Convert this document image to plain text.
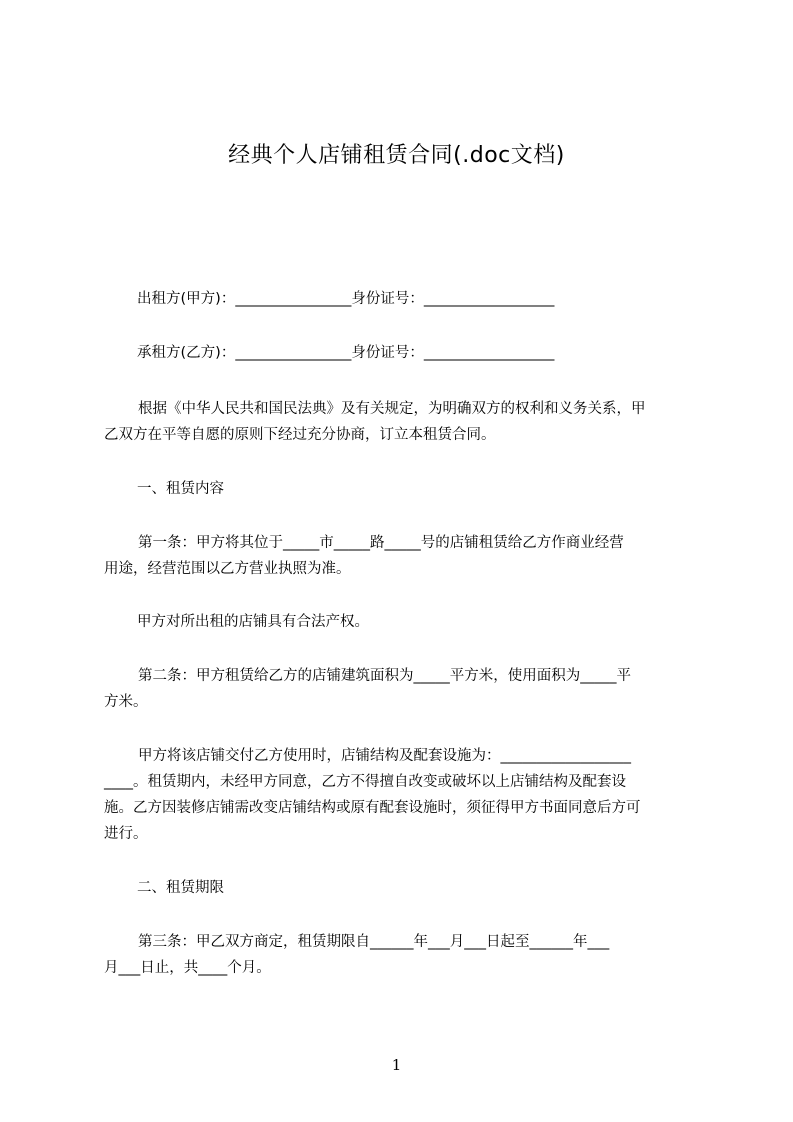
经典个人店铺租赁合同(.doc文档)
出租方(甲方)：________________身份证号：__________________
承租方(乙方)：________________身份证号：__________________
根据《中华人民共和国民法典》及有关规定，为明确双方的权利和义务关系，甲
乙双方在平等自愿的原则下经过充分协商，订立本租赁合同。
一、租赁内容
第一条：甲方将其位于_____市_____路_____号的店铺租赁给乙方作商业经营
用途，经营范围以乙方营业执照为准。
甲方对所出租的店铺具有合法产权。
第二条：甲方租赁给乙方的店铺建筑面积为_____平方米，使用面积为_____平
方米。
甲方将该店铺交付乙方使用时，店铺结构及配套设施为：__________________
____。租赁期内，未经甲方同意，乙方不得擅自改变或破坏以上店铺结构及配套设
施。乙方因装修店铺需改变店铺结构或原有配套设施时，须征得甲方书面同意后方可
进行。
二、租赁期限
第三条：甲乙双方商定，租赁期限自______年___月___日起至______年___
月___日止，共____个月。
1
